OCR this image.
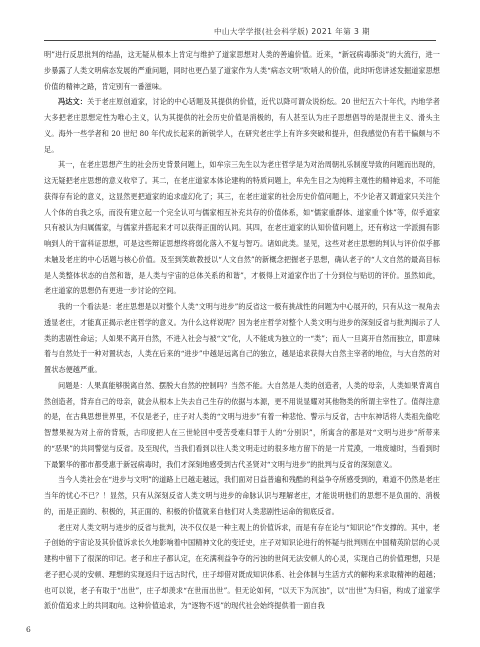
中山大学学报(社会科学版) 2021 年第 3 期

明”进行反思批判的结晶，这无疑从根本上肯定与维护了道家思想对人类的善遍价值。近来，“新冠病毒肺炎”的大流行，进一步暴露了人类文明病态发展的严重问题，同时也更凸显了道家作为人类“病态文明”吹哨人的价值，此时听您讲述发掘道家思想价值的精神之路，肯定别有一番滋味。

冯达文：关于老庄原创道家，讨论的中心话题及其提供的价值，近代以降可谓众说纷纭。20 世纪五六十年代，内地学者大多把老庄思想定性为唯心主义，认为其提供的社会历史价值是消极的，有人甚至认为庄子思想倡导的是混世主义、滑头主义。海外一些学者和 20 世纪 80 年代成长起来的新锐学人，在研究老庄学上有许多突破和提升，但我感觉仍有若干偏颇与不足。

其一，在老庄思想产生的社会历史背景问题上，如牟宗三先生以为老庄哲学是为对治周朝礼乐制度导致的问题而出现的，这无疑把老庄思想的意义收窄了。其二，在老庄道家本体论建构的特质问题上，牟先生目之为纯粹主观性的精神追求，不可能获得存有论的意义，这显然更把道家的追求虚幻化了；其三，在老庄道家的社会历史价值问题上，不少论者又谓道家只关注个人个体的自我之乐，而没有建立起一个完全认可与儒家相互补充共存的价值体系，如“儒家重群体、道家重个体”等，似乎道家只有被认为归属儒家，与儒家并搭起来才可以获得正面的认同。其四，在老庄道家的认知价值问题上，还有称这一学派拥有影响到人的干富科证思想，可是这些辩证思想终将弱化落入不复与智巧。诸如此类。显见，这些对老庄思想的判认与评价似乎都未触及老庄的中心话题与核心价值。及至到笑敢教授以“人文自然”的新概念把握老子思想，确认老子的“人文自然的最高目标是人类整体状态的自然和谐，是人类与宇宙的总体关系的和谐”，才极得上对道家作出了十分到位与贴切的评价。虽然如此，老庄道家的思想仍有更进一步讨论的空间。

我的一个看法是：老庄思想是以对整个人类“文明与进步”的反省这一极有挑战性的问题为中心展开的，只有从这一视角去透显老庄，才能真正揭示老庄哲学的意义。为什么这样说呢？因为老庄哲学对整个人类文明与进步的深刻反省与批判揭示了人类的悲剧性命运；人如果不离开自然，不进入社会与被“文”化，人不能成为独立的一“类”；而人一旦离开自然而独立，即意味着与自然处于一种对置状态，人类在后来的“进步”中越是远离自己的独立，越是追求获得大自然主宰者的地位，与大自然的对置状态便越严重。

问题是：人果真能够脱离自然、摆脱大自然的控制吗？当然不能。大自然是人类的创造者，人类的母亲，人类如果背离自然创造者，背弃自己的母亲，就会从根本上失去自己生存的依据与本源，更不用说显耀对其他物类的所谓主宰性了。值得注意的是，在古典思想世界里，不仅是老子，庄子对人类的“文明与进步”有着一种悲怆、警示与反省，古中东神话将人类祖先偷吃智慧果视为对上帝的背叛，古印度把人在三世轮回中受苦受难归罪于人的“分别识”，所寓含的都是对“文明与进步”所带来的“恶果”的共同警觉与反省。及至现代，当我们看到以往人类文明走过的很多地方留下的是一片荒漠，一堆废墟时，当看到时下最繁华的都市都受惠于新冠病毒时，我们才深刻地感受到古代圣贤对“文明与进步”的批判与反省的深刻意义。

当今人类社会在“进步与文明”的道路上已越走越远，我们面对日益普遍和残酷的利益争夺所感受到的，难道不仍然是老庄当年的忧心不已？！显然，只有从深刻反省人类文明与进步的命脉认识与理解老庄，才能说明他们的思想不是负面的、消极的，而是正面的、积极的，其正面的、积极的价值就来自他们对人类悲剧性运命的彻底反省。

老庄对人类文明与进步的反省与批判，决不仅仅是一种主观上的价值诉求，而是有存在论与“知识论”作支撑的。其中，老子创始的宇宙论及其价值诉求长久地影响着中国精神文化的变迁史，庄子对知识论进行的怀疑与批判则在中国精英阶层的心灵建构中留下了很深的印记。老子和庄子都认定，在充满利益争夺的污浊的世间无法安顿人的心灵，实现自己的价值理想，只是老子把心灵的安顿、理想的实现返归于远古时代，庄子却借对既成知识体系、社会体制与生活方式的解构来求取精神的超越；也可以说，老子有取于“出世”，庄子却羡求“在世而出世”。但无论如何，“以天下为沉浊”，以“出世”为归宿，构成了道家学派价值追求上的共同取向。这种价值追求，为“逐物不返”的现代社会始终提供着一面自我

6
